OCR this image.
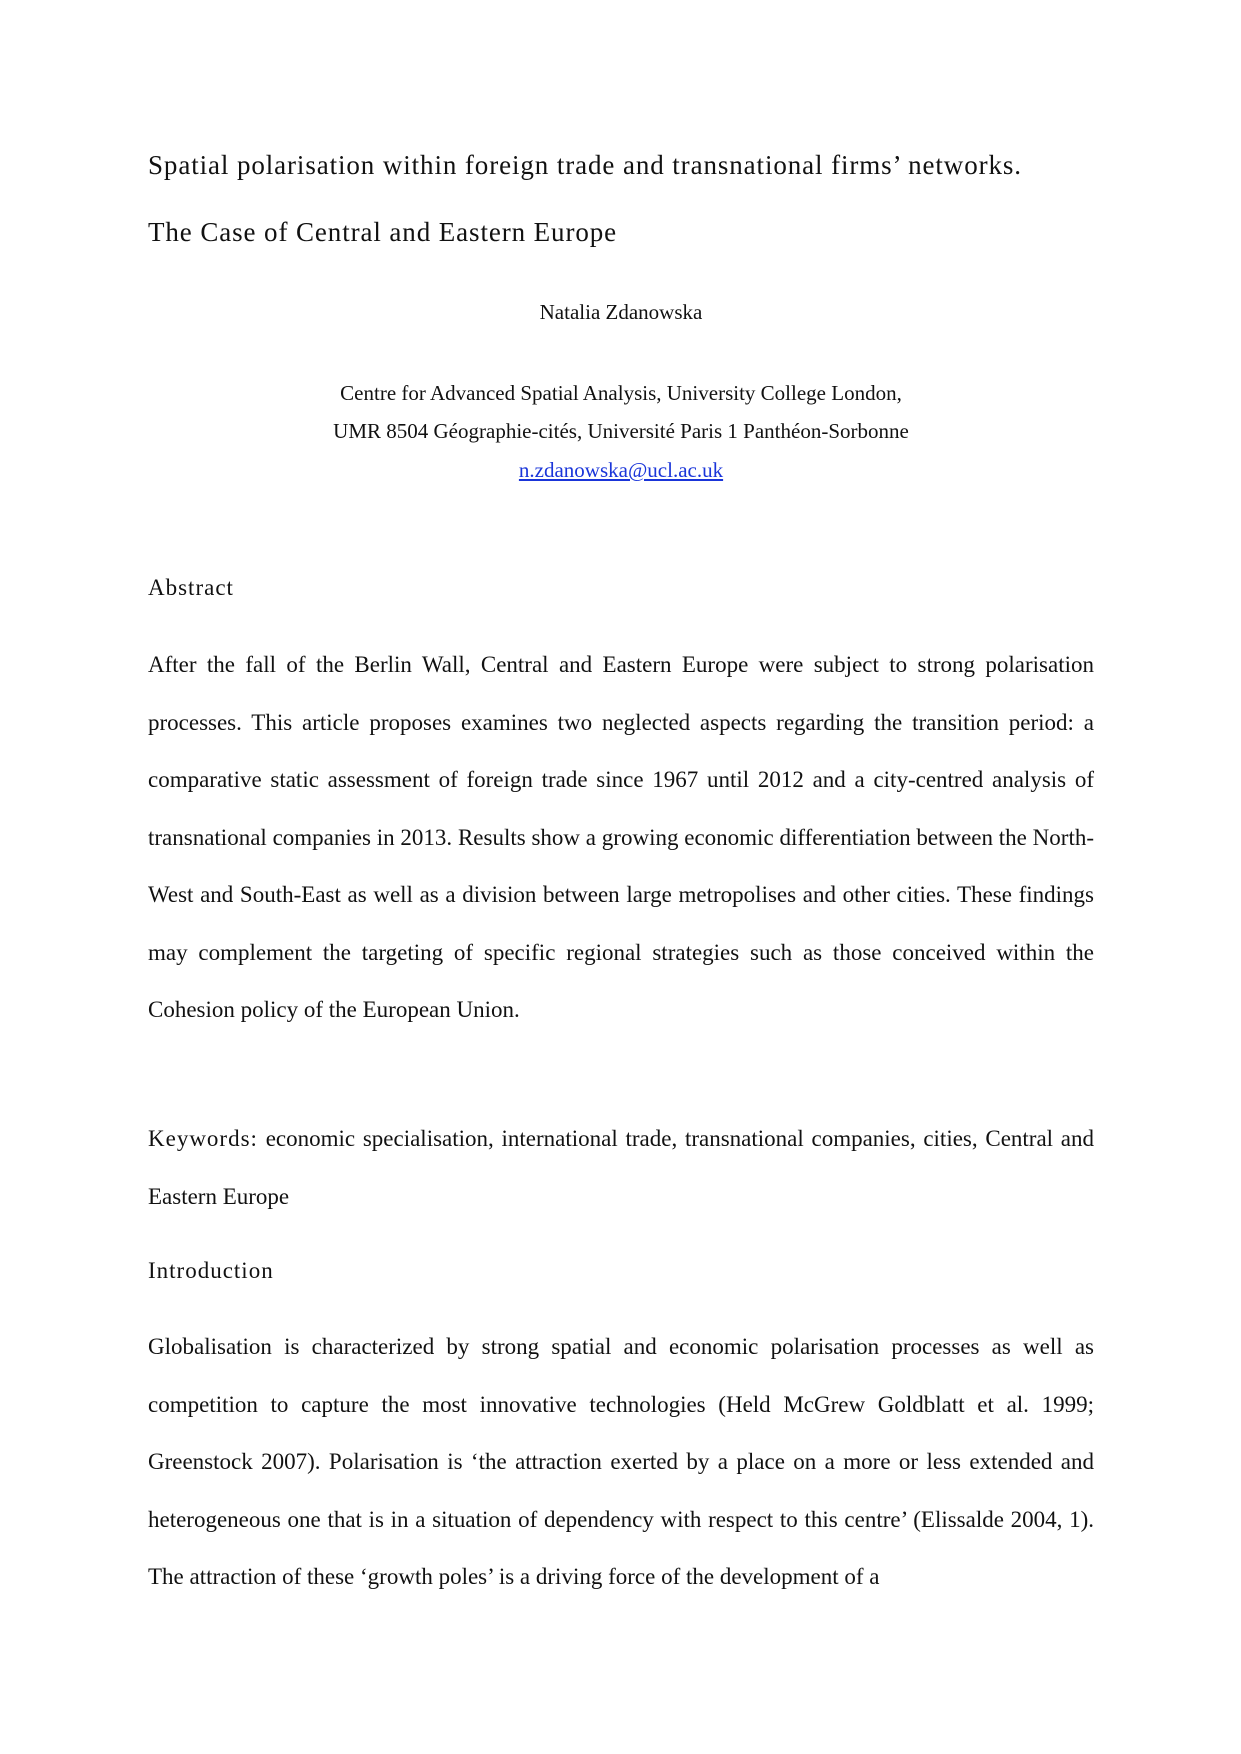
Spatial polarisation within foreign trade and transnational firms’ networks.
The Case of Central and Eastern Europe
Natalia Zdanowska
Centre for Advanced Spatial Analysis, University College London,
UMR 8504 Géographie-cités, Université Paris 1 Panthéon-Sorbonne
n.zdanowska@ucl.ac.uk
Abstract

After the fall of the Berlin Wall, Central and Eastern Europe were subject to strong polarisation processes. This article proposes examines two neglected aspects regarding the transition period: a comparative static assessment of foreign trade since 1967 until 2012 and a city-centred analysis of transnational companies in 2013. Results show a growing economic differentiation between the North-West and South-East as well as a division between large metropolises and other cities. These findings may complement the targeting of specific regional strategies such as those conceived within the Cohesion policy of the European Union.

Keywords: economic specialisation, international trade, transnational companies, cities, Central and Eastern Europe

Introduction

Globalisation is characterized by strong spatial and economic polarisation processes as well as competition to capture the most innovative technologies (Held McGrew Goldblatt et al. 1999; Greenstock 2007). Polarisation is ‘the attraction exerted by a place on a more or less extended and heterogeneous one that is in a situation of dependency with respect to this centre’ (Elissalde 2004, 1). The attraction of these ‘growth poles’ is a driving force of the development of a
